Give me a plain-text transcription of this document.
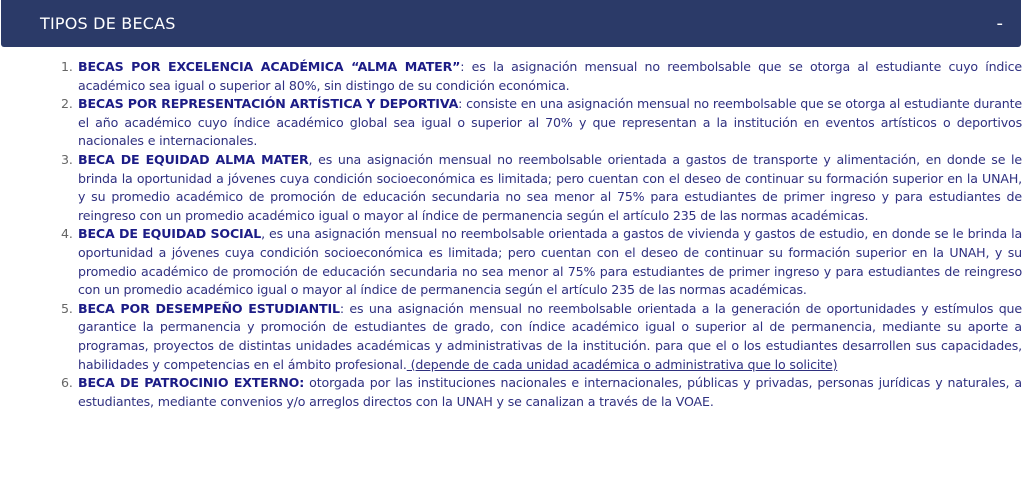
TIPOS DE BECAS	-
BECAS POR EXCELENCIA ACADÉMICA “ALMA MATER”: es la asignación mensual no reembolsable que se otorga al estudiante cuyo índice académico sea igual o superior al 80%, sin distingo de su condición económica.
BECAS POR REPRESENTACIÓN ARTÍSTICA Y DEPORTIVA: consiste en una asignación mensual no reembolsable que se otorga al estudiante durante el año académico cuyo índice académico global sea igual o superior al 70% y que representan a la institución en eventos artísticos o deportivos nacionales e internacionales.
BECA DE EQUIDAD ALMA MATER, es una asignación mensual no reembolsable orientada a gastos de transporte y alimentación, en donde se le brinda la oportunidad a jóvenes cuya condición socioeconómica es limitada; pero cuentan con el deseo de continuar su formación superior en la UNAH, y su promedio académico de promoción de educación secundaria no sea menor al 75% para estudiantes de primer ingreso y para estudiantes de reingreso con un promedio académico igual o mayor al índice de permanencia según el artículo 235 de las normas académicas.
BECA DE EQUIDAD SOCIAL, es una asignación mensual no reembolsable orientada a gastos de vivienda y gastos de estudio, en donde se le brinda la oportunidad a jóvenes cuya condición socioeconómica es limitada; pero cuentan con el deseo de continuar su formación superior en la UNAH, y su promedio académico de promoción de educación secundaria no sea menor al 75% para estudiantes de primer ingreso y para estudiantes de reingreso con un promedio académico igual o mayor al índice de permanencia según el artículo 235 de las normas académicas.
BECA POR DESEMPEÑO ESTUDIANTIL: es una asignación mensual no reembolsable orientada a la generación de oportunidades y estímulos que garantice la permanencia y promoción de estudiantes de grado, con índice académico igual o superior al de permanencia, mediante su aporte a programas, proyectos de distintas unidades académicas y administrativas de la institución. para que el o los estudiantes desarrollen sus capacidades, habilidades y competencias en el ámbito profesional. (depende de cada unidad académica o administrativa que lo solicite)
BECA DE PATROCINIO EXTERNO: otorgada por las instituciones nacionales e internacionales, públicas y privadas, personas jurídicas y naturales, a estudiantes, mediante convenios y/o arreglos directos con la UNAH y se canalizan a través de la VOAE.
